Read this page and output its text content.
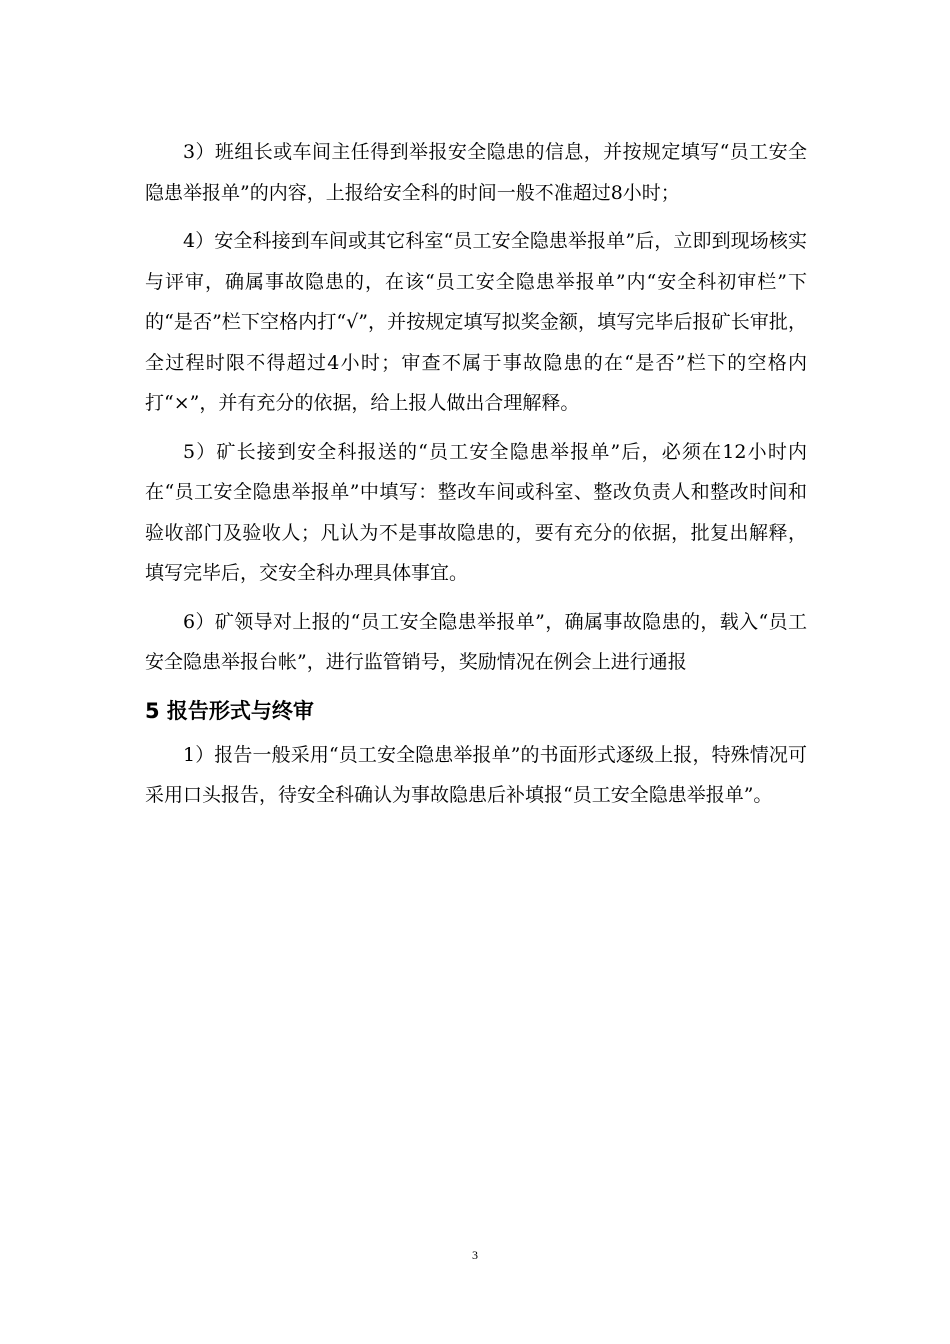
3）班组长或车间主任得到举报安全隐患的信息，并按规定填写“员工安全隐患举报单”的内容，上报给安全科的时间一般不准超过8小时；

4）安全科接到车间或其它科室“员工安全隐患举报单”后，立即到现场核实与评审，确属事故隐患的，在该“员工安全隐患举报单”内“安全科初审栏”下的“是否”栏下空格内打“√”，并按规定填写拟奖金额，填写完毕后报矿长审批，全过程时限不得超过4小时；审查不属于事故隐患的在“是否”栏下的空格内打“×”，并有充分的依据，给上报人做出合理解释。

5）矿长接到安全科报送的“员工安全隐患举报单”后，必须在12小时内在“员工安全隐患举报单”中填写：整改车间或科室、整改负责人和整改时间和验收部门及验收人；凡认为不是事故隐患的，要有充分的依据，批复出解释，填写完毕后，交安全科办理具体事宜。

6）矿领导对上报的“员工安全隐患举报单”，确属事故隐患的，载入“员工安全隐患举报台帐”，进行监管销号，奖励情况在例会上进行通报

5 报告形式与终审

1）报告一般采用“员工安全隐患举报单”的书面形式逐级上报，特殊情况可采用口头报告，待安全科确认为事故隐患后补填报“员工安全隐患举报单”。

3
